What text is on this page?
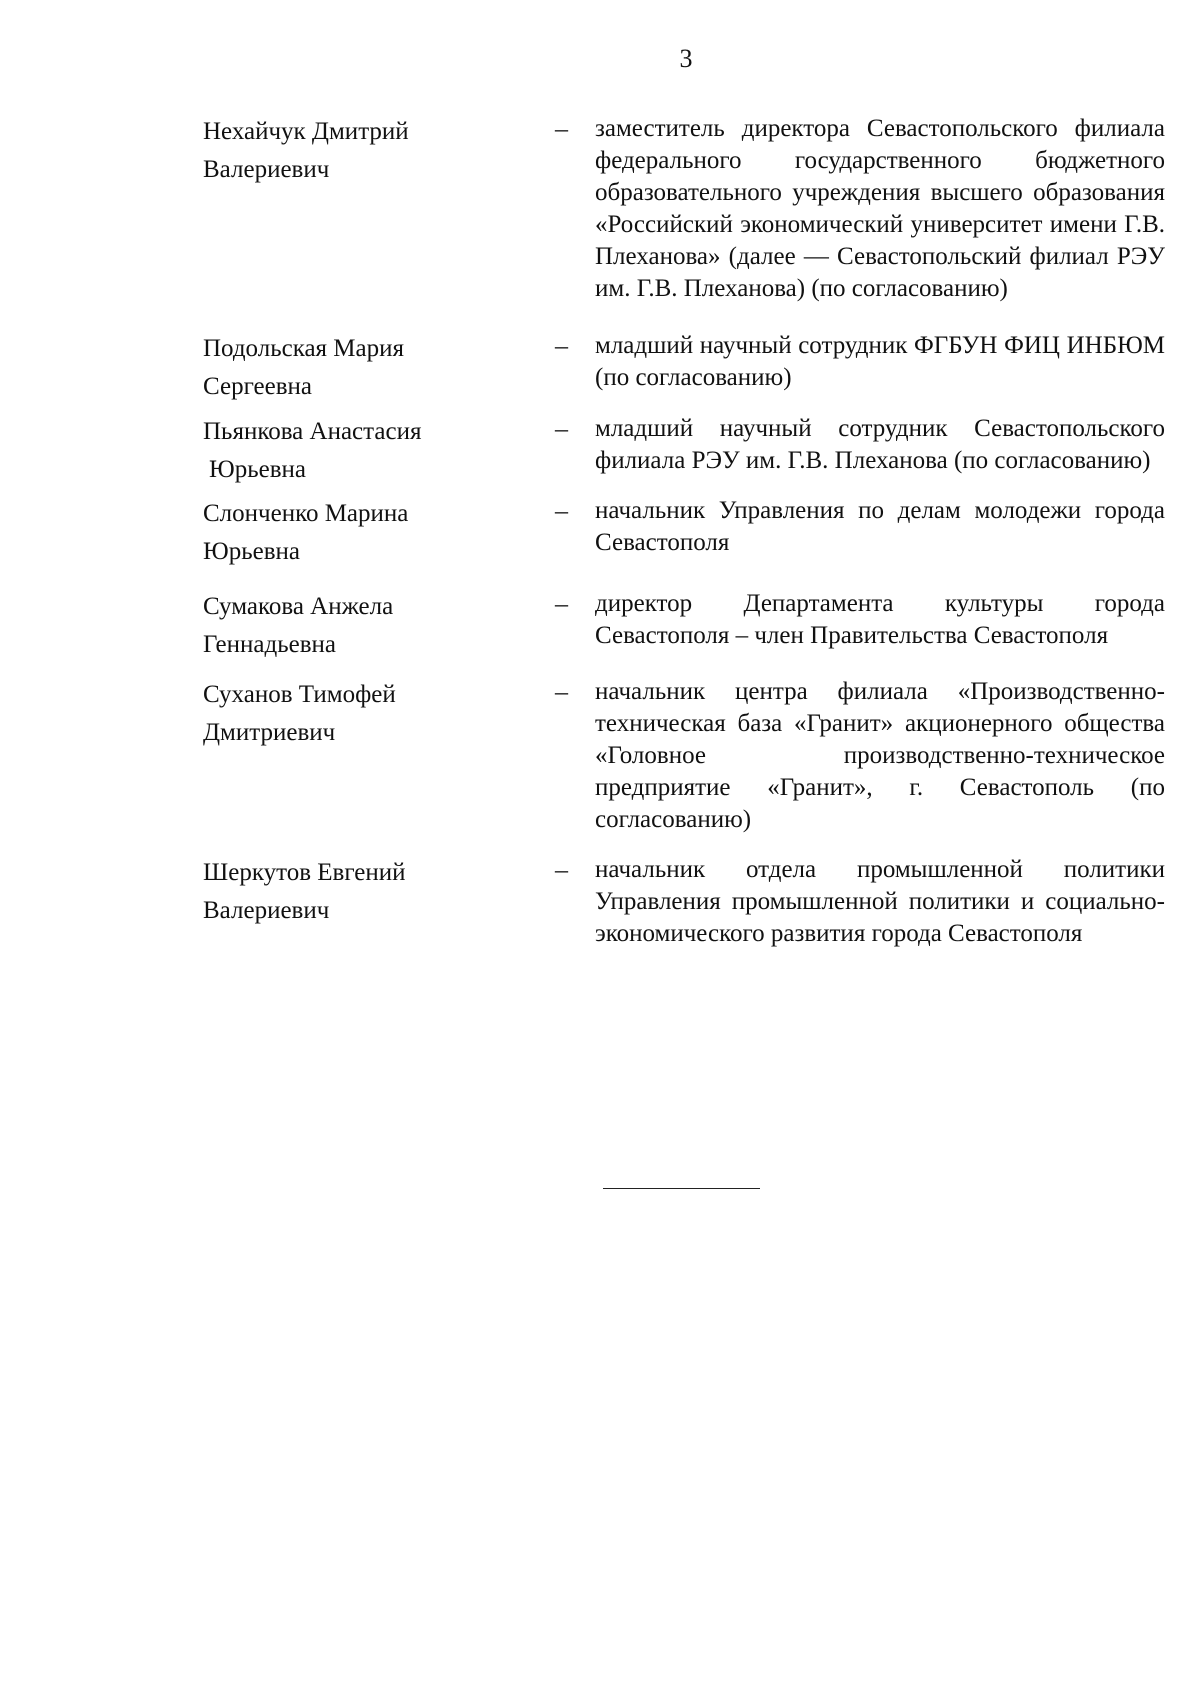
3
Нехайчук Дмитрий
Валериевич
–	заместитель директора Севастопольского филиала федерального государственного бюджетного образовательного учреждения высшего образования «Российский экономический университет имени Г.В. Плеханова» (далее — Севастопольский филиал РЭУ им. Г.В. Плеханова) (по согласованию)
Подольская Мария
Сергеевна
–	младший научный сотрудник ФГБУН ФИЦ ИНБЮМ (по согласованию)
Пьянкова Анастасия
Юрьевна
–	младший научный сотрудник Севастопольского филиала РЭУ им. Г.В. Плеханова (по согласованию)
Слонченко Марина
Юрьевна
–	начальник Управления по делам молодежи города Севастополя
Сумакова Анжела
Геннадьевна
–	директор Департамента культуры города Севастополя – член Правительства Севастополя
Суханов Тимофей
Дмитриевич
–	начальник центра филиала «Производственно-техническая база «Гранит» акционерного общества «Головное производственно-техническое предприятие «Гранит», г. Севастополь (по согласованию)
Шеркутов Евгений
Валериевич
–	начальник отдела промышленной политики Управления промышленной политики и социально-экономического развития города Севастополя
